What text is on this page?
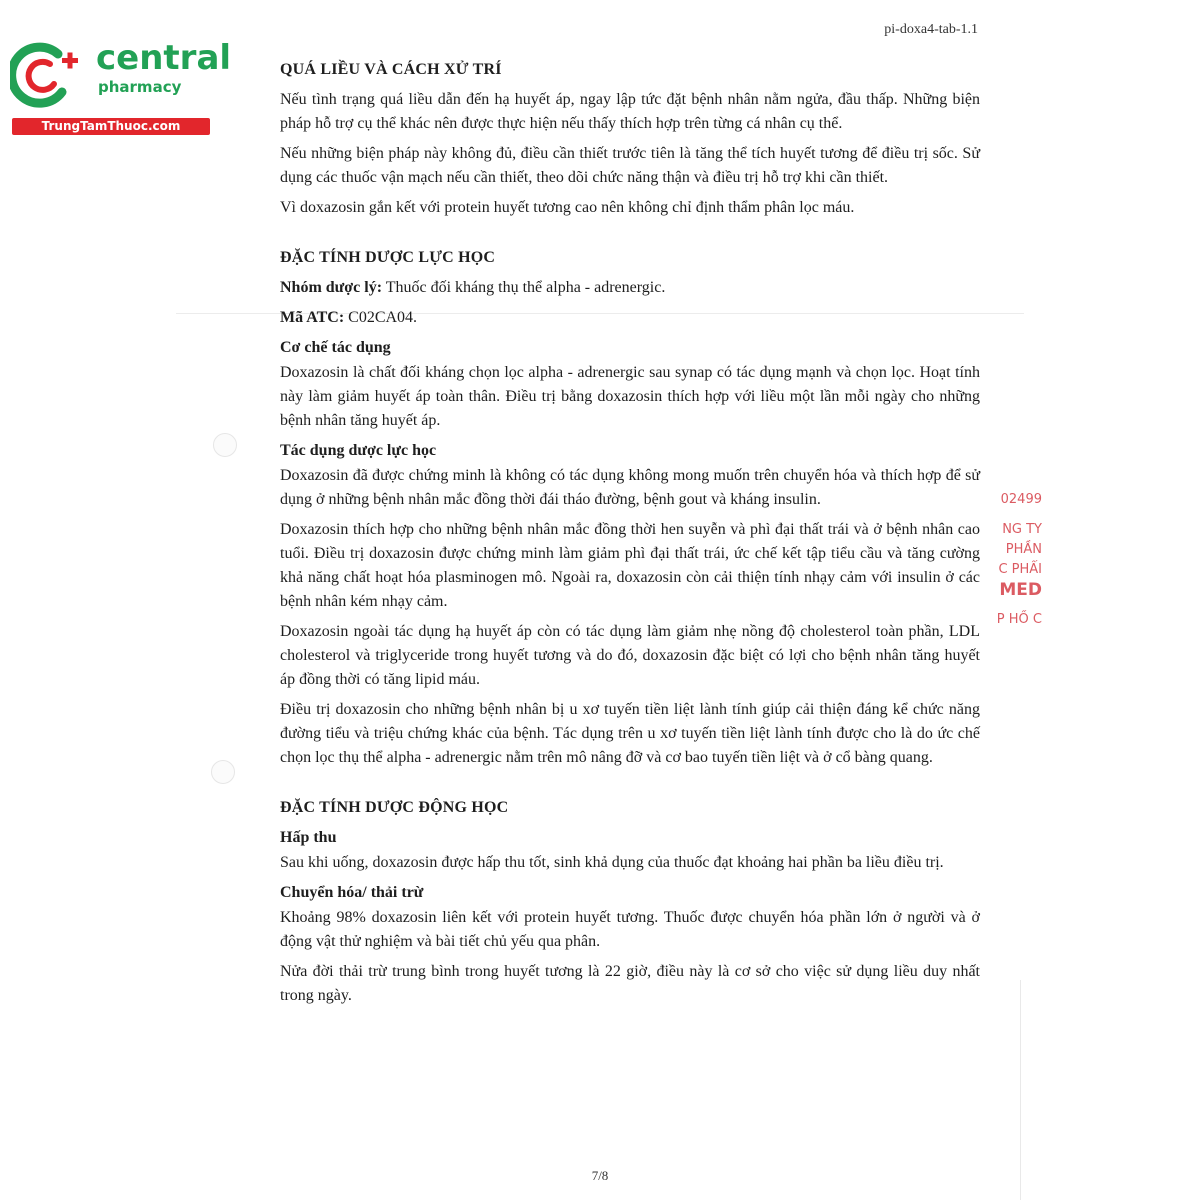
pi-doxa4-tab-1.1
central
pharmacy
TrungTamThuoc.com
02499
NG TY
PHẦN
C PHẨI
MED
P HỒ C
QUÁ LIỀU VÀ CÁCH XỬ TRÍ

Nếu tình trạng quá liều dẫn đến hạ huyết áp, ngay lập tức đặt bệnh nhân nằm ngửa, đầu thấp. Những biện pháp hỗ trợ cụ thể khác nên được thực hiện nếu thấy thích hợp trên từng cá nhân cụ thể.

Nếu những biện pháp này không đủ, điều cần thiết trước tiên là tăng thể tích huyết tương để điều trị sốc. Sử dụng các thuốc vận mạch nếu cần thiết, theo dõi chức năng thận và điều trị hỗ trợ khi cần thiết.

Vì doxazosin gắn kết với protein huyết tương cao nên không chỉ định thẩm phân lọc máu.

ĐẶC TÍNH DƯỢC LỰC HỌC

Nhóm dược lý: Thuốc đối kháng thụ thể alpha - adrenergic.

Mã ATC: C02CA04.

Cơ chế tác dụng

Doxazosin là chất đối kháng chọn lọc alpha - adrenergic sau synap có tác dụng mạnh và chọn lọc. Hoạt tính này làm giảm huyết áp toàn thân. Điều trị bằng doxazosin thích hợp với liều một lần mỗi ngày cho những bệnh nhân tăng huyết áp.

Tác dụng dược lực học

Doxazosin đã được chứng minh là không có tác dụng không mong muốn trên chuyển hóa và thích hợp để sử dụng ở những bệnh nhân mắc đồng thời đái tháo đường, bệnh gout và kháng insulin.

Doxazosin thích hợp cho những bệnh nhân mắc đồng thời hen suyễn và phì đại thất trái và ở bệnh nhân cao tuổi. Điều trị doxazosin được chứng minh làm giảm phì đại thất trái, ức chế kết tập tiểu cầu và tăng cường khả năng chất hoạt hóa plasminogen mô. Ngoài ra, doxazosin còn cải thiện tính nhạy cảm với insulin ở các bệnh nhân kém nhạy cảm.

Doxazosin ngoài tác dụng hạ huyết áp còn có tác dụng làm giảm nhẹ nồng độ cholesterol toàn phần, LDL cholesterol và triglyceride trong huyết tương và do đó, doxazosin đặc biệt có lợi cho bệnh nhân tăng huyết áp đồng thời có tăng lipid máu.

Điều trị doxazosin cho những bệnh nhân bị u xơ tuyến tiền liệt lành tính giúp cải thiện đáng kể chức năng đường tiểu và triệu chứng khác của bệnh. Tác dụng trên u xơ tuyến tiền liệt lành tính được cho là do ức chế chọn lọc thụ thể alpha - adrenergic nằm trên mô nâng đỡ và cơ bao tuyến tiền liệt và ở cổ bàng quang.

ĐẶC TÍNH DƯỢC ĐỘNG HỌC
Hấp thu

Sau khi uống, doxazosin được hấp thu tốt, sinh khả dụng của thuốc đạt khoảng hai phần ba liều điều trị.

Chuyển hóa/ thải trừ

Khoảng 98% doxazosin liên kết với protein huyết tương. Thuốc được chuyển hóa phần lớn ở người và ở động vật thử nghiệm và bài tiết chủ yếu qua phân.

Nửa đời thải trừ trung bình trong huyết tương là 22 giờ, điều này là cơ sở cho việc sử dụng liều duy nhất trong ngày.

7/8
